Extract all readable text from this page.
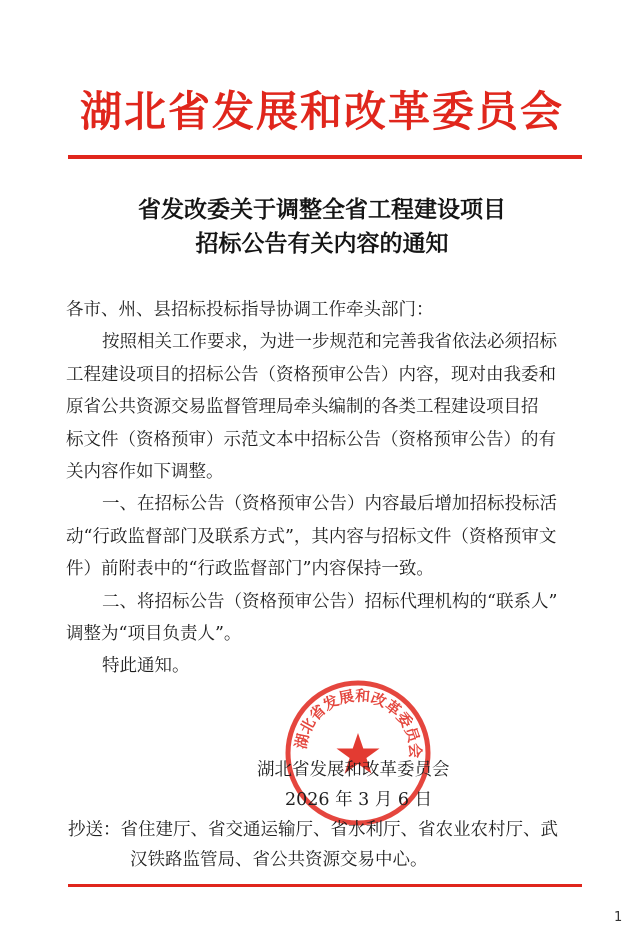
湖北省发展和改革委员会
省发改委关于调整全省工程建设项目
招标公告有关内容的通知
各市、州、县招标投标指导协调工作牵头部门：
按照相关工作要求，为进一步规范和完善我省依法必须招标
工程建设项目的招标公告（资格预审公告）内容，现对由我委和
原省公共资源交易监督管理局牵头编制的各类工程建设项目招
标文件（资格预审）示范文本中招标公告（资格预审公告）的有
关内容作如下调整。
一、在招标公告（资格预审公告）内容最后增加招标投标活
动“行政监督部门及联系方式”，其内容与招标文件（资格预审文
件）前附表中的“行政监督部门”内容保持一致。
二、将招标公告（资格预审公告）招标代理机构的“联系人”
调整为“项目负责人”。
特此通知。
湖北省发展和改革委员会
湖北省发展和改革委员会
2026 年 3 月 6 日
抄送：省住建厅、省交通运输厅、省水利厅、省农业农村厅、武
汉铁路监管局、省公共资源交易中心。
1
